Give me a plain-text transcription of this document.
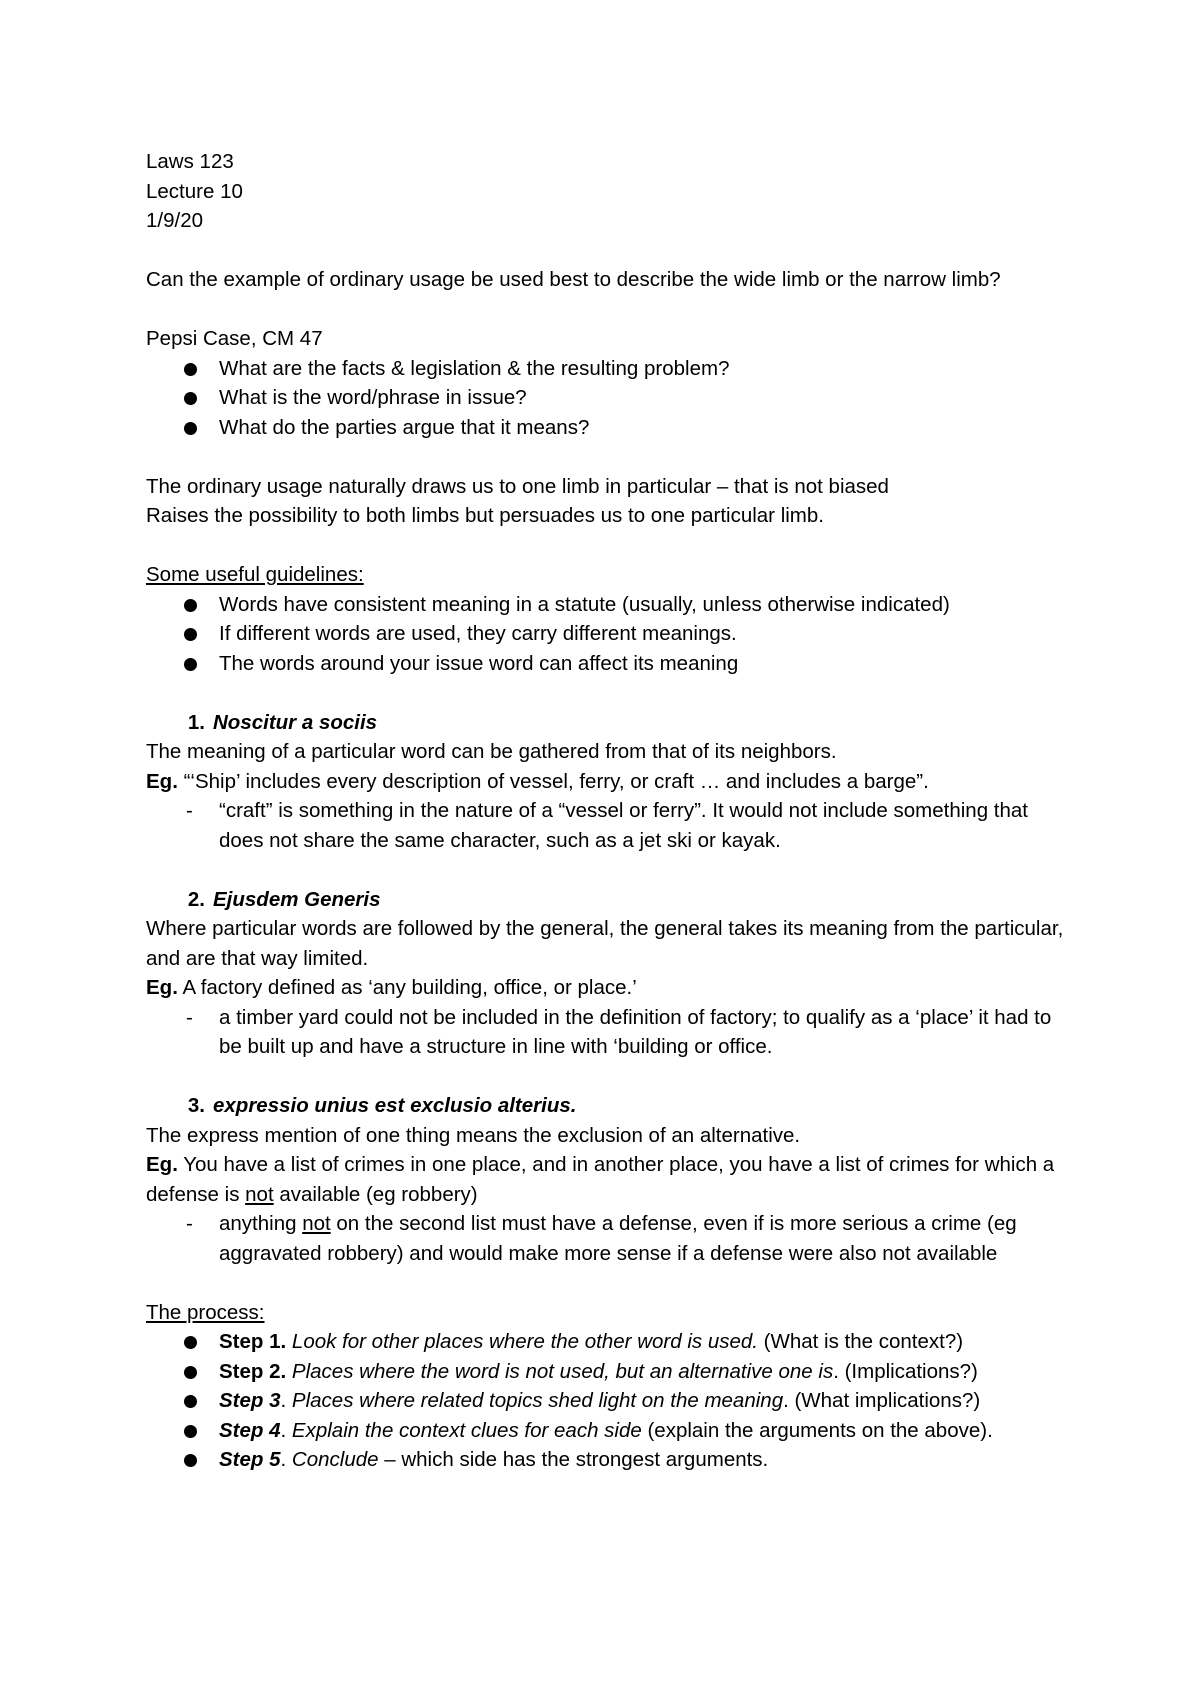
Laws 123

Lecture 10

1/9/20

Can the example of ordinary usage be used best to describe the wide limb or the narrow limb?

Pepsi Case, CM 47

What are the facts & legislation & the resulting problem?
What is the word/phrase in issue?
What do the parties argue that it means?

The ordinary usage naturally draws us to one limb in particular – that is not biased

Raises the possibility to both limbs but persuades us to one particular limb.

Some useful guidelines:

Words have consistent meaning in a statute (usually, unless otherwise indicated)
If different words are used, they carry different meanings.
The words around your issue word can affect its meaning

1. Noscitur a sociis

The meaning of a particular word can be gathered from that of its neighbors.

Eg. “‘Ship’ includes every description of vessel, ferry, or craft … and includes a barge”.

- “craft” is something in the nature of a “vessel or ferry”. It would not include something that does not share the same character, such as a jet ski or kayak.

2. Ejusdem Generis

Where particular words are followed by the general, the general takes its meaning from the particular, and are that way limited.

Eg. A factory defined as ‘any building, office, or place.’

- a timber yard could not be included in the definition of factory; to qualify as a ‘place’ it had to be built up and have a structure in line with ‘building or office.

3. expressio unius est exclusio alterius.

The express mention of one thing means the exclusion of an alternative.

Eg. You have a list of crimes in one place, and in another place, you have a list of crimes for which a defense is not available (eg robbery)

- anything not on the second list must have a defense, even if is more serious a crime (eg aggravated robbery) and would make more sense if a defense were also not available

The process:

Step 1. Look for other places where the other word is used. (What is the context?)
Step 2. Places where the word is not used, but an alternative one is. (Implications?)
Step 3. Places where related topics shed light on the meaning. (What implications?)
Step 4. Explain the context clues for each side (explain the arguments on the above).
Step 5. Conclude – which side has the strongest arguments.
